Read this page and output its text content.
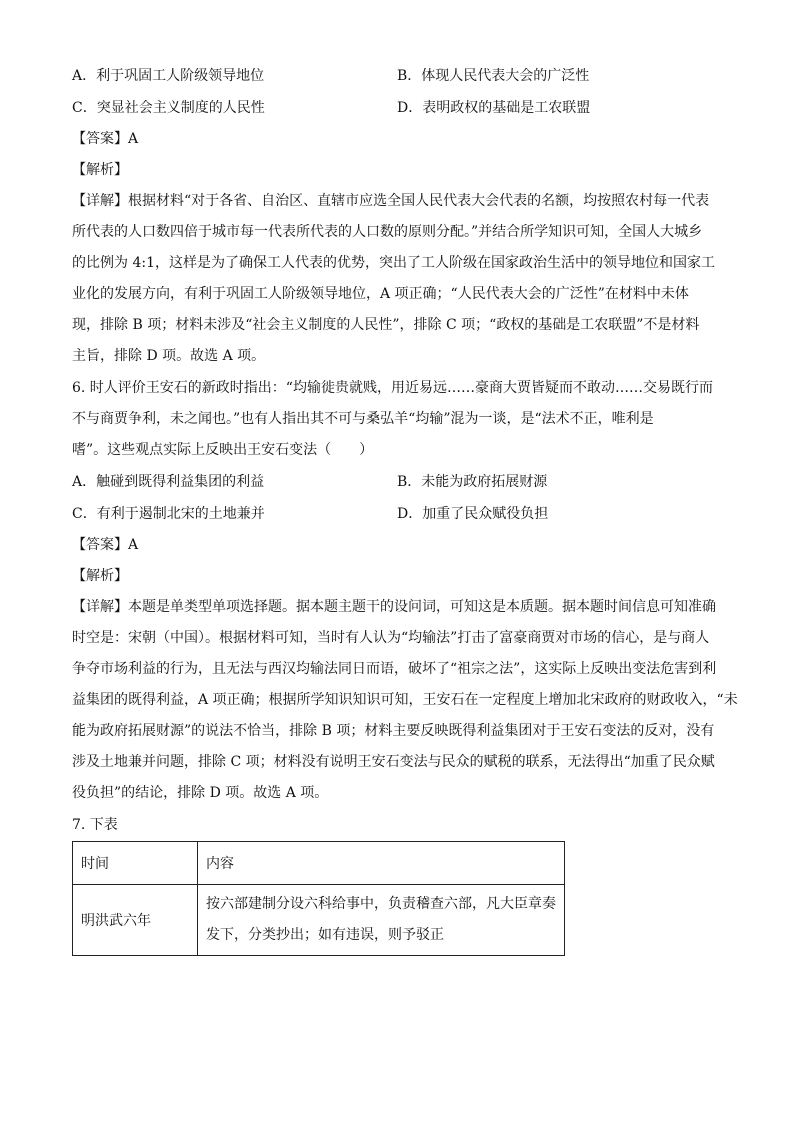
A．利于巩固工人阶级领导地位	B．体现人民代表大会的广泛性
C．突显社会主义制度的人民性	D．表明政权的基础是工农联盟
【答案】A
【解析】
【详解】根据材料“对于各省、自治区、直辖市应选全国人民代表大会代表的名额，均按照农村每一代表
所代表的人口数四倍于城市每一代表所代表的人口数的原则分配。”并结合所学知识可知，全国人大城乡
的比例为 4:1，这样是为了确保工人代表的优势，突出了工人阶级在国家政治生活中的领导地位和国家工
业化的发展方向，有利于巩固工人阶级领导地位，A 项正确；“人民代表大会的广泛性”在材料中未体
现，排除 B 项；材料未涉及“社会主义制度的人民性”，排除 C 项；“政权的基础是工农联盟”不是材料
主旨，排除 D 项。故选 A 项。
6. 时人评价王安石的新政时指出：“均输徙贵就贱，用近易远……豪商大贾皆疑而不敢动……交易既行而
不与商贾争利，未之闻也。”也有人指出其不可与桑弘羊“均输”混为一谈，是“法术不正，唯利是
嗜”。这些观点实际上反映出王安石变法（　　）
A．触碰到既得利益集团的利益	B．未能为政府拓展财源
C．有利于遏制北宋的土地兼并	D．加重了民众赋役负担
【答案】A
【解析】
【详解】本题是单类型单项选择题。据本题主题干的设问词，可知这是本质题。据本题时间信息可知准确
时空是：宋朝（中国）。根据材料可知，当时有人认为“均输法”打击了富豪商贾对市场的信心，是与商人
争夺市场利益的行为，且无法与西汉均输法同日而语，破坏了“祖宗之法”，这实际上反映出变法危害到利
益集团的既得利益，A 项正确；根据所学知识知识可知，王安石在一定程度上增加北宋政府的财政收入，“未
能为政府拓展财源”的说法不恰当，排除 B 项；材料主要反映既得利益集团对于王安石变法的反对，没有
涉及土地兼并问题，排除 C 项；材料没有说明王安石变法与民众的赋税的联系，无法得出“加重了民众赋
役负担”的结论，排除 D 项。故选 A 项。
7. 下表
时间	内容
明洪武六年	按六部建制分设六科给事中，负责稽查六部，凡大臣章奏
发下，分类抄出；如有违误，则予驳正
